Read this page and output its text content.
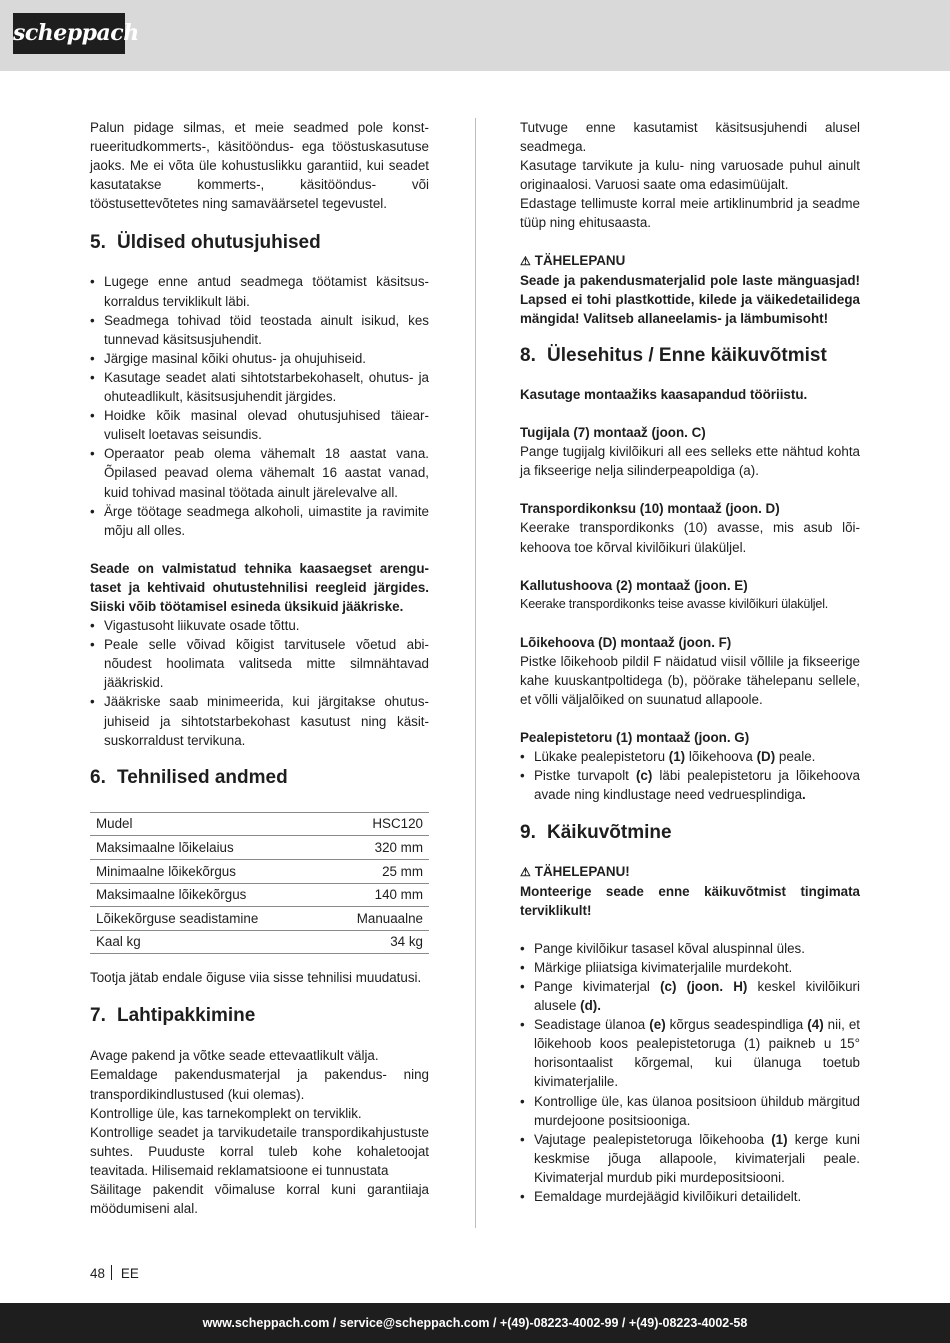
scheppach

Palun pidage silmas, et meie seadmed pole konstrueeritudkommerts-, käsitööndus- ega tööstuskasutuse jaoks. Me ei võta üle kohustuslikku garantiid, kui seadet kasutatakse kommerts-, käsitööndus- või tööstusettevõtetes ning samaväärsetel tegevustel.

5. Üldised ohutusjuhised
• Lugege enne antud seadmega töötamist käsitsuskorraldus terviklikult läbi.
• Seadmega tohivad töid teostada ainult isikud, kes tunnevad käsitsusjuhendit.
• Järgige masinal kõiki ohutus- ja ohujuhiseid.
• Kasutage seadet alati sihtotstarbekohaselt, ohutus- ja ohuteadlikult, käsitsusjuhendit järgides.
• Hoidke kõik masinal olevad ohutusjuhised täiearvuliselt loetavas seisundis.
• Operaator peab olema vähemalt 18 aastat vana. Õpilased peavad olema vähemalt 16 aastat vanad, kuid tohivad masinal töötada ainult järelevalve all.
• Ärge töötage seadmega alkoholi, uimastite ja ravimite mõju all olles.

Seade on valmistatud tehnika kaasaegset arengutaset ja kehtivaid ohutustehnilisi reegleid järgides. Siiski võib töötamisel esineda üksikuid jääkriske.

• Vigastusoht liikuvate osade tõttu.
• Peale selle võivad kõigist tarvitusele võetud abinõudest hoolimata valitseda mitte silmnähtavad jääkriskid.
• Jääkriske saab minimeerida, kui järgitakse ohutusjuhiseid ja sihtotstarbekohast kasutust ning käsitsuskorraldust tervikuna.
6. Tehnilised andmed
Mudel	HSC120
Maksimaalne lõikelaius	320 mm
Minimaalne lõikekõrgus	25 mm
Maksimaalne lõikekõrgus	140 mm
Lõikekõrguse seadistamine	Manuaalne
Kaal kg	34 kg

Tootja jätab endale õiguse viia sisse tehnilisi muudatusi.

7. Lahtipakkimine

Avage pakend ja võtke seade ettevaatlikult välja.

Eemaldage pakendusmaterjal ja pakendus- ning transpordikindlustused (kui olemas).

Kontrollige üle, kas tarnekomplekt on terviklik.

Kontrollige seadet ja tarvikudetaile transpordikahjustuste suhtes. Puuduste korral tuleb kohe kohaletoojat teavitada. Hilisemaid reklamatsioone ei tunnustata

Säilitage pakendit võimaluse korral kuni garantiiaja möödumiseni alal.

Tutvuge enne kasutamist käsitsusjuhendi alusel seadmega.

Kasutage tarvikute ja kulu- ning varuosade puhul ainult originaalosi. Varuosi saate oma edasimüüjalt.

Edastage tellimuste korral meie artiklinumbrid ja seadme tüüp ning ehitusaasta.

⚠ TÄHELEPANU

Seade ja pakendusmaterjalid pole laste mänguasjad! Lapsed ei tohi plastkottide, kilede ja väikedetailidega mängida! Valitseb allaneelamis- ja lämbumisoht!

8. Ülesehitus / Enne käikuvõtmist

Kasutage montaažiks kaasapandud tööriistu.

Tugijala (7) montaaž (joon. C)

Pange tugijalg kivilõikuri all ees selleks ette nähtud kohta ja fikseerige nelja silinderpeapoldiga (a).

Transpordikonksu (10) montaaž (joon. D)

Keerake transpordikonks (10) avasse, mis asub lõikehoova toe kõrval kivilõikuri ülaküljel.

Kallutushoova (2) montaaž (joon. E)

Keerake transpordikonks teise avasse kivilõikuri ülaküljel.

Lõikehoova (D) montaaž (joon. F)

Pistke lõikehoob pildil F näidatud viisil võllile ja fikseerige kahe kuuskantpoltidega (b), pöörake tähelepanu sellele, et võlli väljalõiked on suunatud allapoole.

Pealepistetoru (1) montaaž (joon. G)

• Lükake pealepistetoru (1) lõikehoova (D) peale.
• Pistke turvapolt (c) läbi pealepistetoru ja lõikehoova avade ning kindlustage need vedruesplindiga.
9. Käikuvõtmine

⚠ TÄHELEPANU!

Monteerige seade enne käikuvõtmist tingimata terviklikult!

• Pange kivilõikur tasasel kõval aluspinnal üles.
• Märkige pliiatsiga kivimaterjalile murdekoht.
• Pange kivimaterjal (c) (joon. H) keskel kivilõikuri alusele (d).
• Seadistage ülanoa (e) kõrgus seadespindliga (4) nii, et lõikehoob koos pealepistetoruga (1) paikneb u 15° horisontaalist kõrgemal, kui ülanuga toetub kivimaterjalile.
• Kontrollige üle, kas ülanoa positsioon ühildub märgitud murdejoone positsiooniga.
• Vajutage pealepistetoruga lõikehooba (1) kerge kuni keskmise jõuga allapoole, kivimaterjali peale. Kivimaterjal murdub piki murdepositsiooni.
• Eemaldage murdejäägid kivilõikuri detailidelt.
48 EE
www.scheppach.com / service@scheppach.com / +(49)-08223-4002-99 / +(49)-08223-4002-58
